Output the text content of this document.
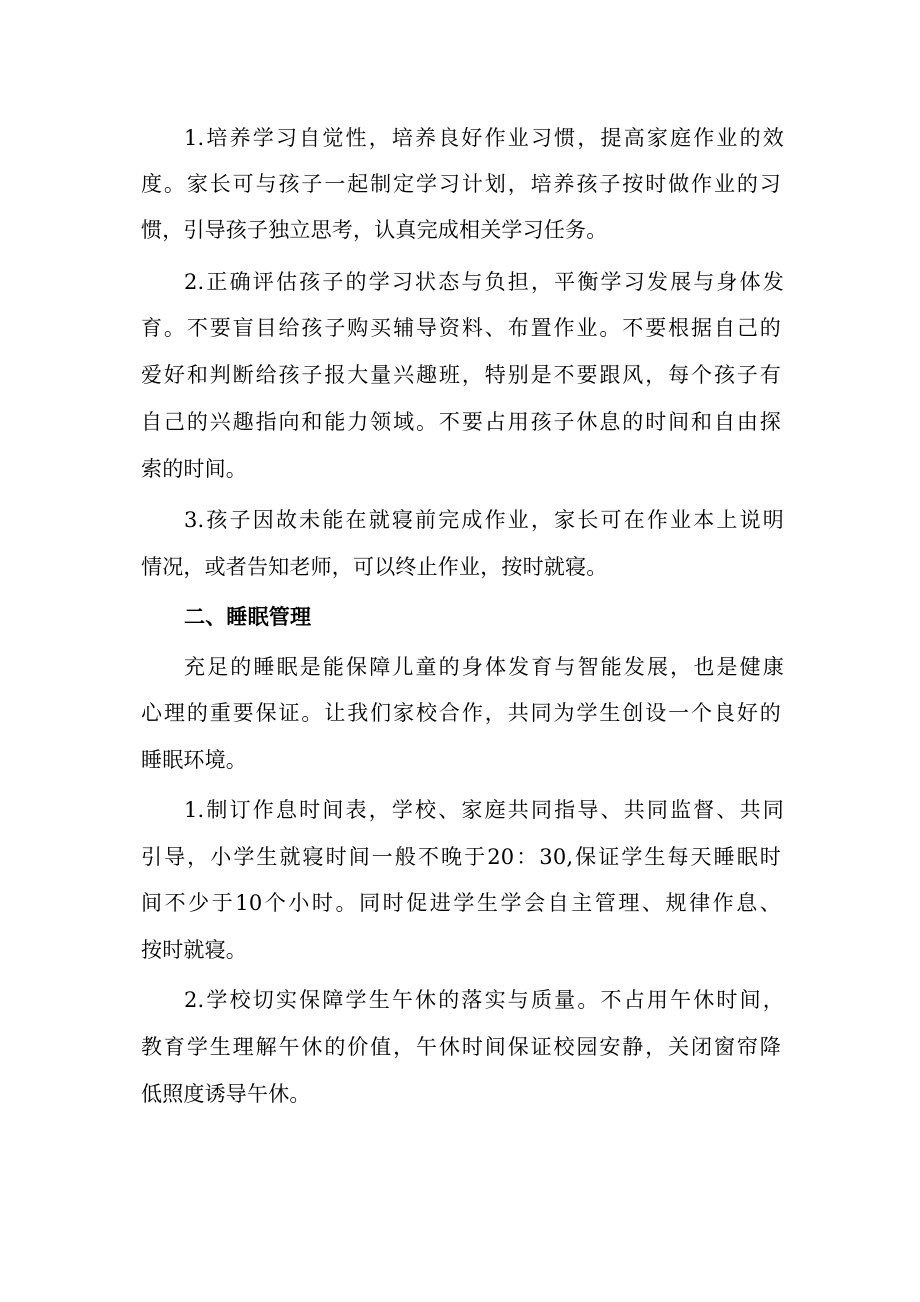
1.培养学习自觉性，培养良好作业习惯，提高家庭作业的效
度。家长可与孩子一起制定学习计划，培养孩子按时做作业的习
惯，引导孩子独立思考，认真完成相关学习任务。
2.正确评估孩子的学习状态与负担，平衡学习发展与身体发
育。不要盲目给孩子购买辅导资料、布置作业。不要根据自己的
爱好和判断给孩子报大量兴趣班，特别是不要跟风，每个孩子有
自己的兴趣指向和能力领域。不要占用孩子休息的时间和自由探
索的时间。
3.孩子因故未能在就寝前完成作业，家长可在作业本上说明
情况，或者告知老师，可以终止作业，按时就寝。
二、睡眠管理
充足的睡眠是能保障儿童的身体发育与智能发展，也是健康
心理的重要保证。让我们家校合作，共同为学生创设一个良好的
睡眠环境。
1.制订作息时间表，学校、家庭共同指导、共同监督、共同
引导，小学生就寝时间一般不晚于20：30,保证学生每天睡眠时
间不少于10个小时。同时促进学生学会自主管理、规律作息、
按时就寝。
2.学校切实保障学生午休的落实与质量。不占用午休时间，
教育学生理解午休的价值，午休时间保证校园安静，关闭窗帘降
低照度诱导午休。
